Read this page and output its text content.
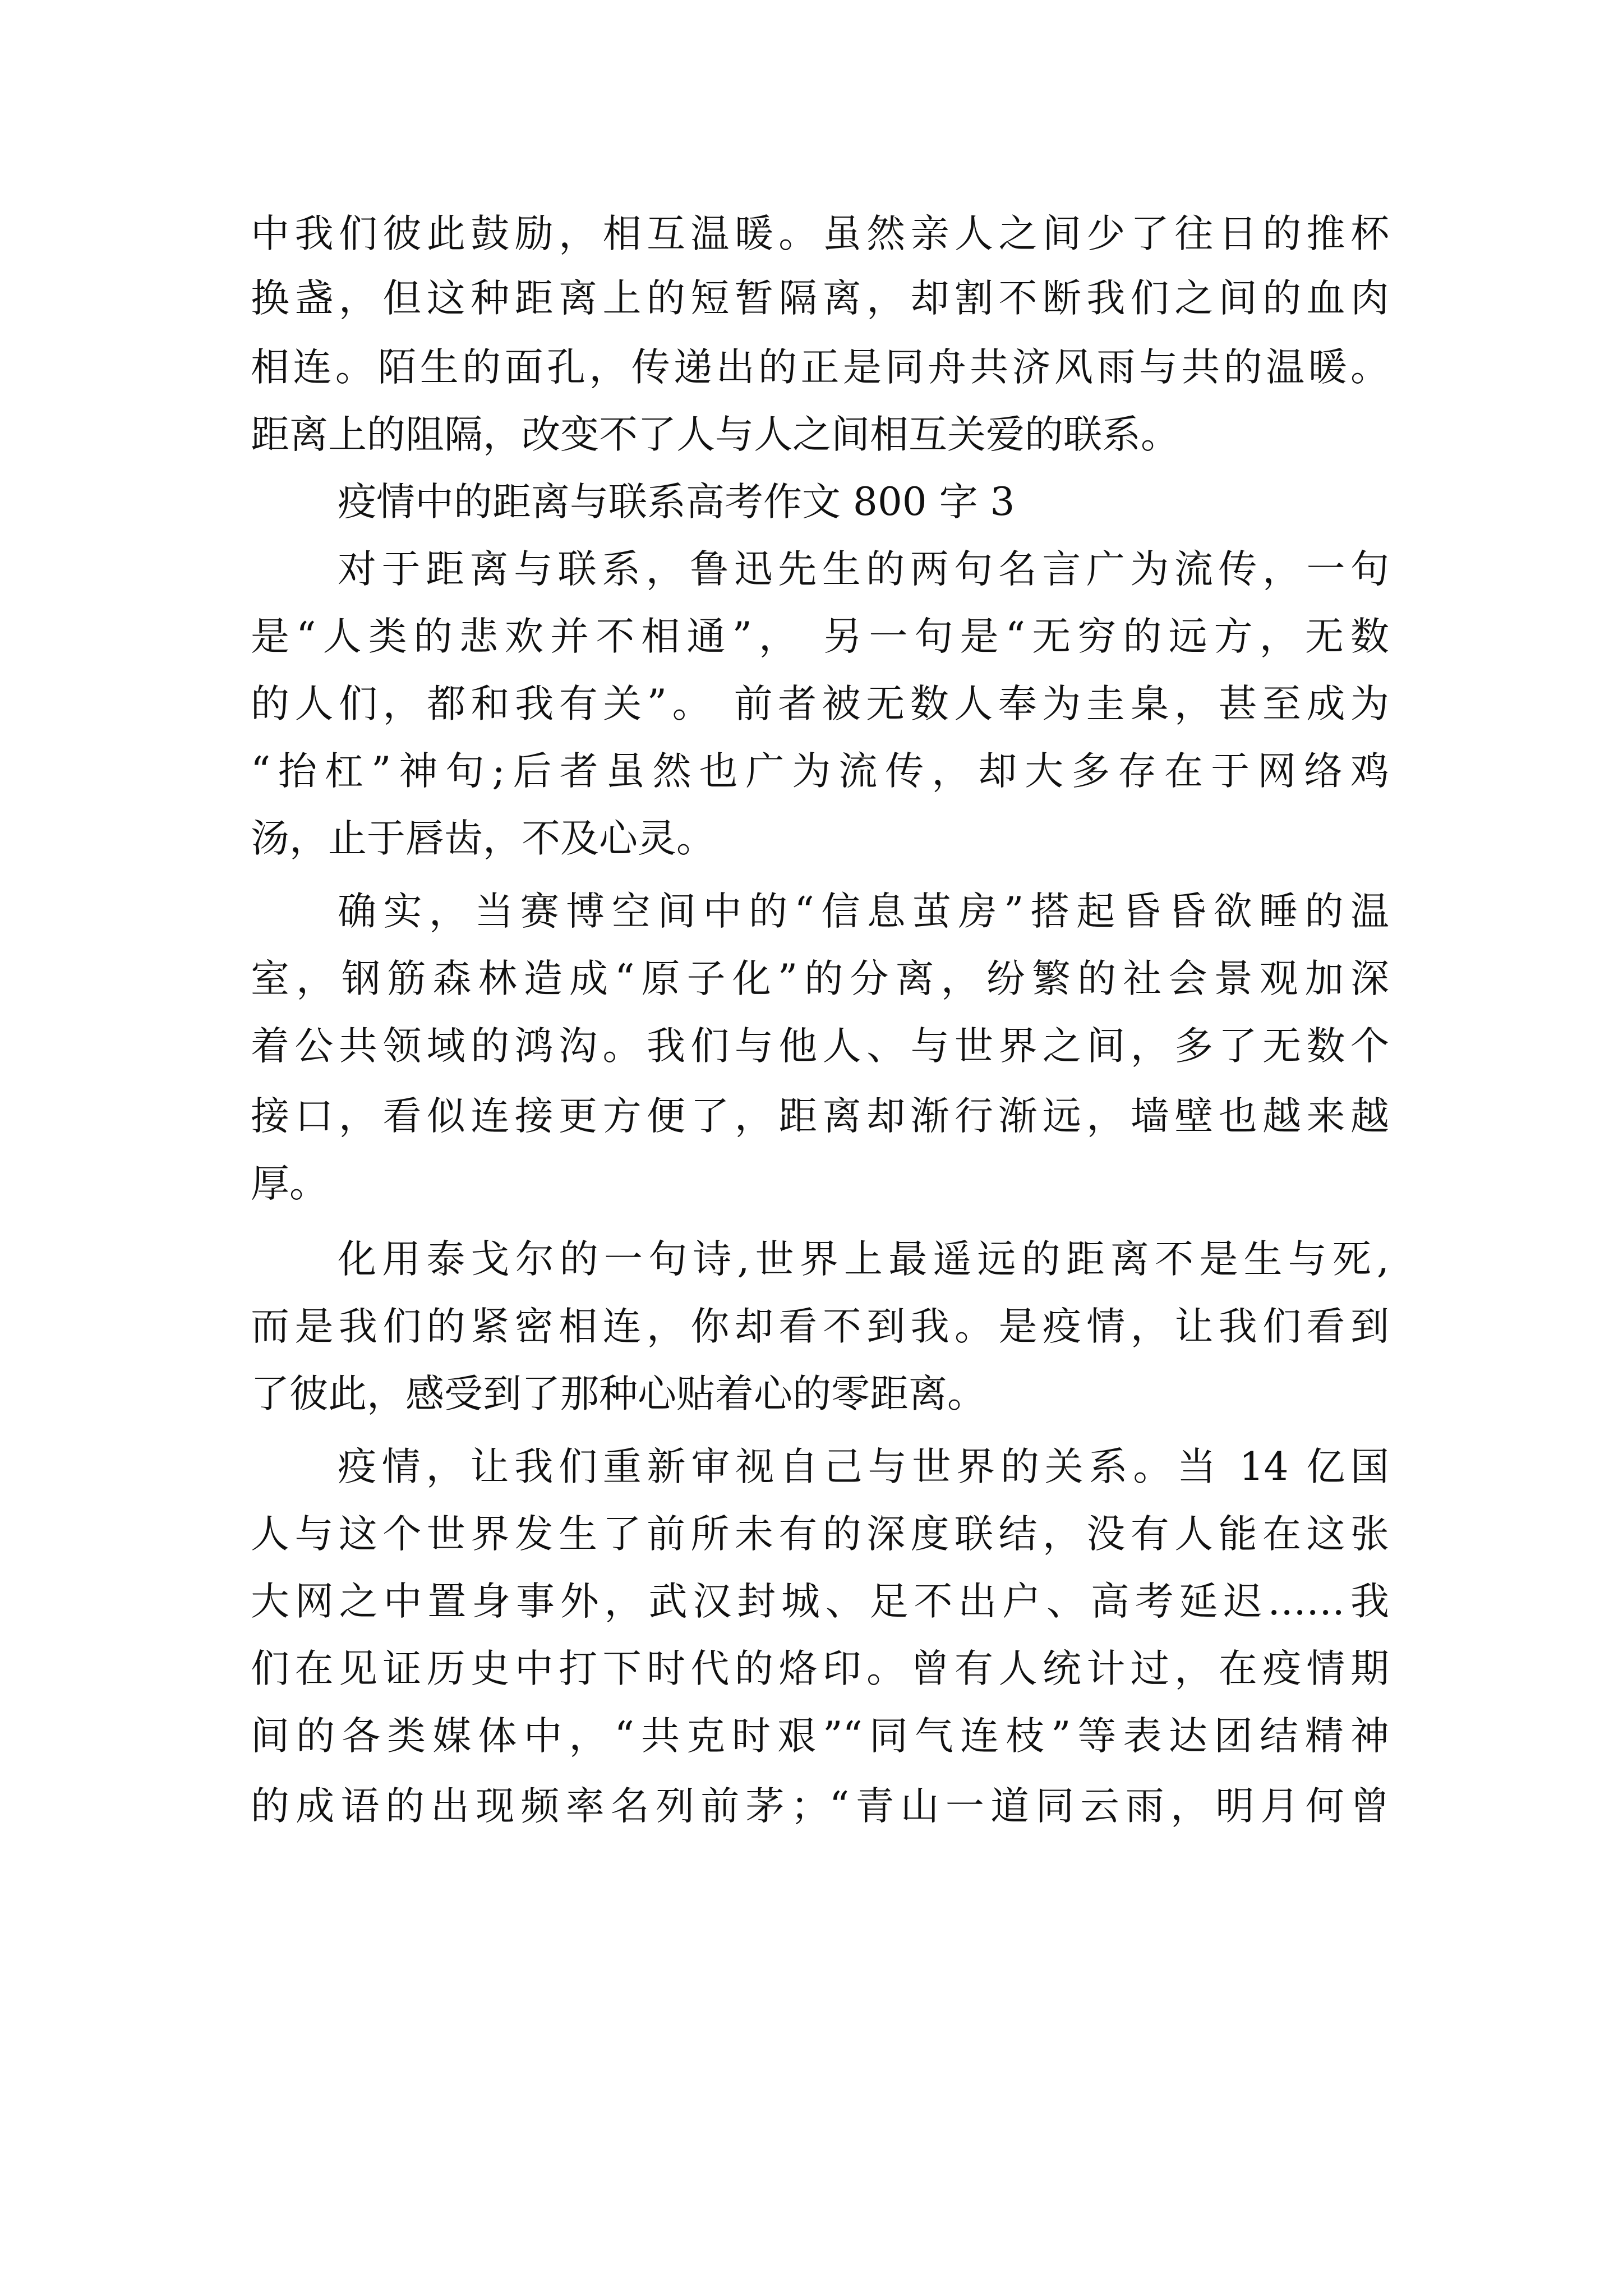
中我们彼此鼓励，相互温暖。虽然亲人之间少了往日的推杯
换盏，但这种距离上的短暂隔离，却割不断我们之间的血肉
相连。陌生的面孔，传递出的正是同舟共济风雨与共的温暖。
距离上的阻隔，改变不了人与人之间相互关爱的联系。
疫情中的距离与联系高考作文 800 字 3
对于距离与联系，鲁迅先生的两句名言广为流传，一句
是“人类的悲欢并不相通”， 另一句是“无穷的远方，无数
的人们，都和我有关”。 前者被无数人奉为圭臬，甚至成为
“抬杠”神句;后者虽然也广为流传，却大多存在于网络鸡
汤，止于唇齿，不及心灵。
确实，当赛博空间中的“信息茧房”搭起昏昏欲睡的温
室，钢筋森林造成“原子化”的分离，纷繁的社会景观加深
着公共领域的鸿沟。我们与他人、与世界之间，多了无数个
接口，看似连接更方便了，距离却渐行渐远，墙壁也越来越
厚。
化用泰戈尔的一句诗,世界上最遥远的距离不是生与死,
而是我们的紧密相连，你却看不到我。是疫情，让我们看到
了彼此，感受到了那种心贴着心的零距离。
疫情，让我们重新审视自己与世界的关系。当 14 亿国
人与这个世界发生了前所未有的深度联结，没有人能在这张
大网之中置身事外，武汉封城、足不出户、高考延迟……我
们在见证历史中打下时代的烙印。曾有人统计过，在疫情期
间的各类媒体中，“共克时艰”“同气连枝”等表达团结精神
的成语的出现频率名列前茅；“青山一道同云雨，明月何曾
